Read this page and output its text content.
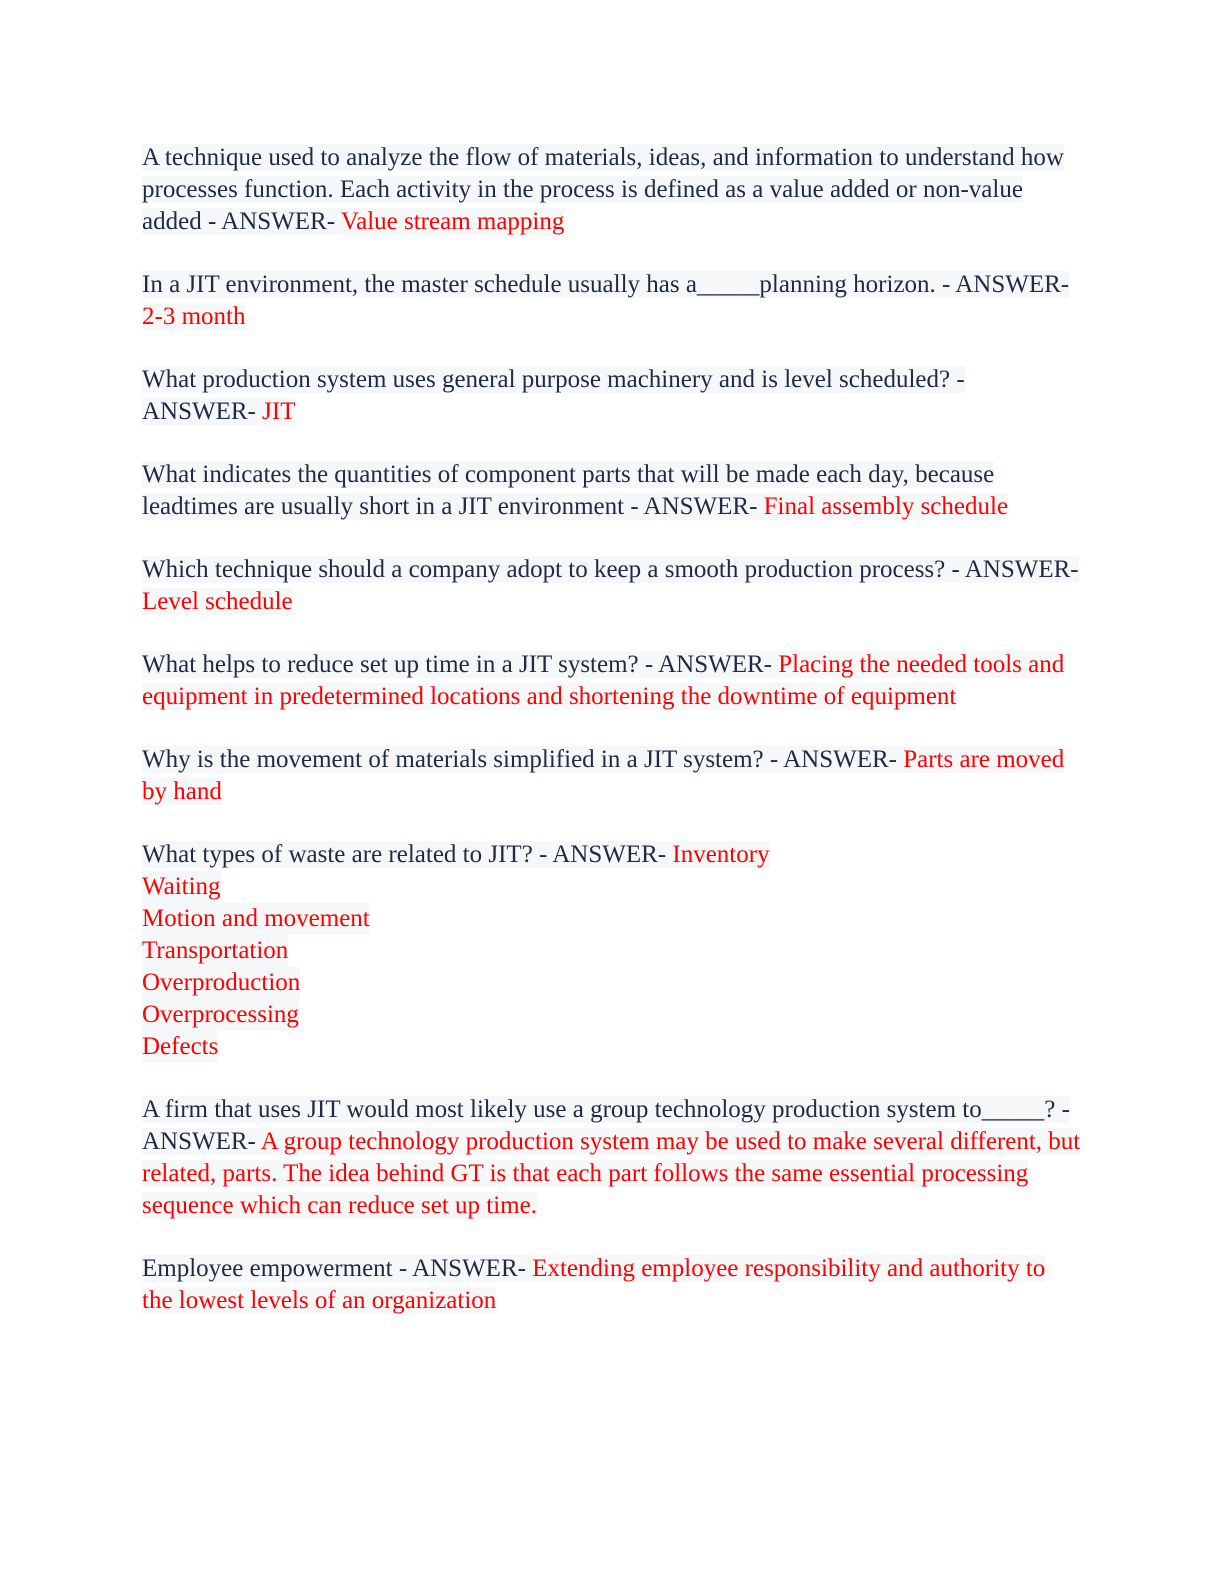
A technique used to analyze the flow of materials, ideas, and information to understand how processes function. Each activity in the process is defined as a value added or non-value added - ANSWER- Value stream mapping

In a JIT environment, the master schedule usually has a_____planning horizon. - ANSWER- 2-3 month

What production system uses general purpose machinery and is level scheduled? - ANSWER- JIT

What indicates the quantities of component parts that will be made each day, because leadtimes are usually short in a JIT environment - ANSWER- Final assembly schedule

Which technique should a company adopt to keep a smooth production process? - ANSWER- Level schedule

What helps to reduce set up time in a JIT system? - ANSWER- Placing the needed tools and equipment in predetermined locations and shortening the downtime of equipment

Why is the movement of materials simplified in a JIT system? - ANSWER- Parts are moved by hand

What types of waste are related to JIT? - ANSWER- Inventory
Waiting
Motion and movement
Transportation
Overproduction
Overprocessing
Defects

A firm that uses JIT would most likely use a group technology production system to_____? - ANSWER- A group technology production system may be used to make several different, but related, parts. The idea behind GT is that each part follows the same essential processing sequence which can reduce set up time.

Employee empowerment - ANSWER- Extending employee responsibility and authority to the lowest levels of an organization
